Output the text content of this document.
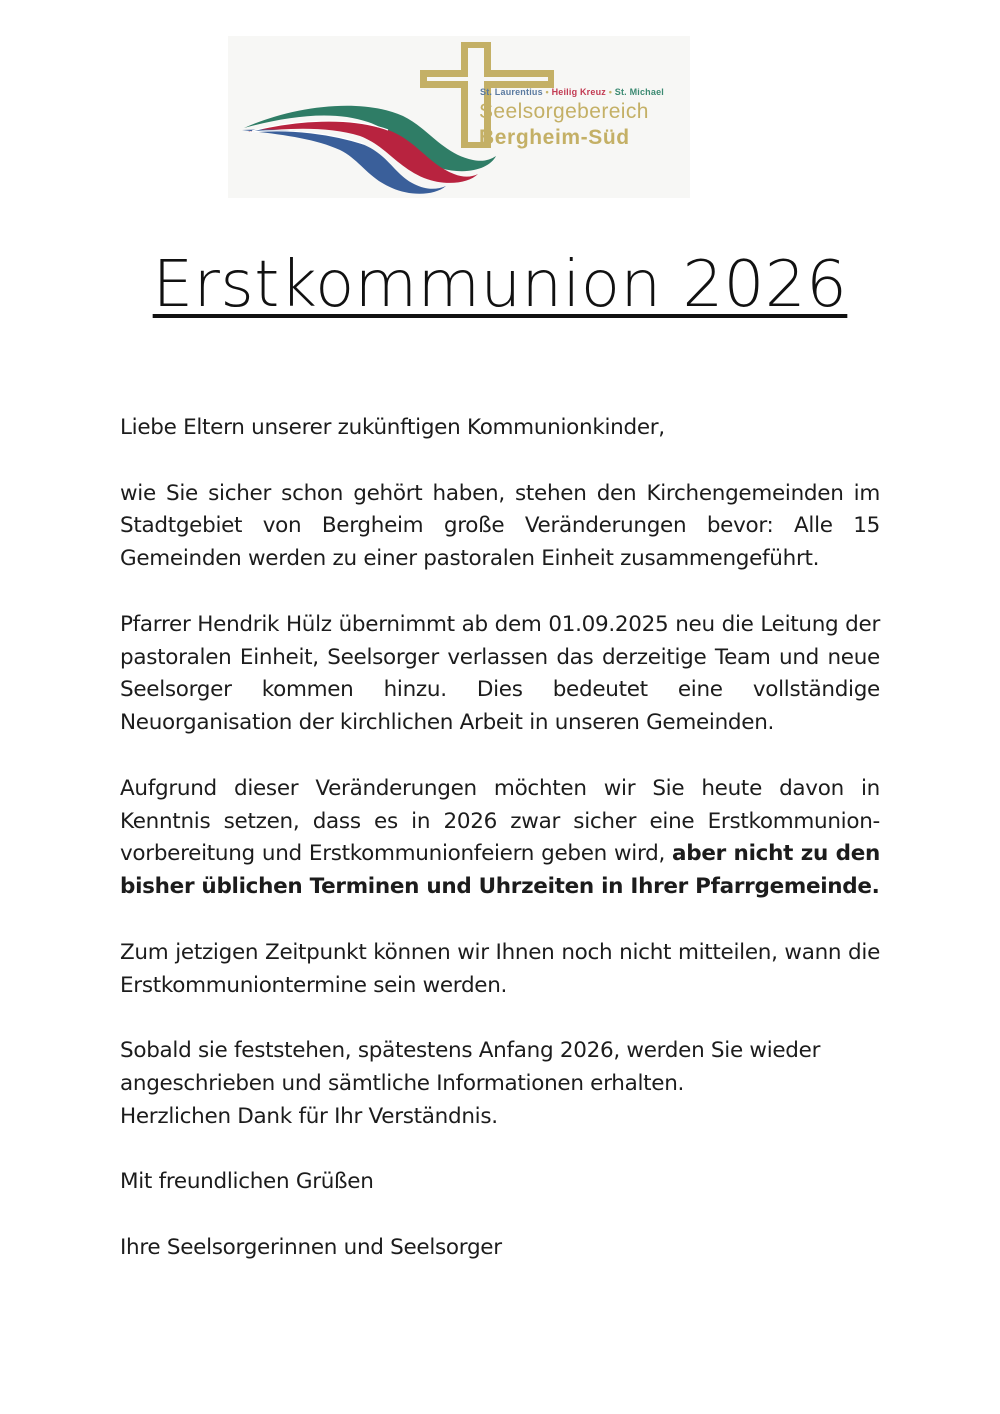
St. Laurentius • Heilig Kreuz • St. Michael
Seelsorgebereich
Bergheim-Süd
Erstkommunion 2026

Liebe Eltern unserer zukünftigen Kommunionkinder,

wie Sie sicher schon gehört haben, stehen den Kirchengemeinden im Stadtgebiet von Bergheim große Veränderungen bevor: Alle 15 Gemeinden werden zu einer pastoralen Einheit zusammengeführt.

Pfarrer Hendrik Hülz übernimmt ab dem 01.09.2025 neu die Leitung der pastoralen Einheit, Seelsorger verlassen das derzeitige Team und neue Seelsorger kommen hinzu. Dies bedeutet eine vollständige Neuorganisation der kirchlichen Arbeit in unseren Gemeinden.

Aufgrund dieser Veränderungen möchten wir Sie heute davon in Kenntnis setzen, dass es in 2026 zwar sicher eine Erstkommunion-vorbereitung und Erstkommunionfeiern geben wird, aber nicht zu den bisher üblichen Terminen und Uhrzeiten in Ihrer Pfarrgemeinde.

Zum jetzigen Zeitpunkt können wir Ihnen noch nicht mitteilen, wann die Erstkommuniontermine sein werden.

Sobald sie feststehen, spätestens Anfang 2026, werden Sie wieder angeschrieben und sämtliche Informationen erhalten.

Herzlichen Dank für Ihr Verständnis.

Mit freundlichen Grüßen

Ihre Seelsorgerinnen und Seelsorger
